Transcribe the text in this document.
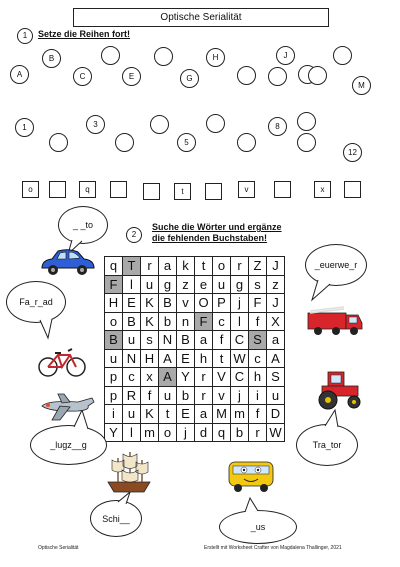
Optische Serialität
1	Setze die Reihen fort!
A
B
C	E	G
H	J
M
1	3
5
8
12
o	q	t	v	x
2
Suche die Wörter und ergänze
die fehlenden Buchstaben!
q T r a k t o r Z J
F l u g z e u g s z
H E K B v O P j F J
o B K b n F c	l	f X
B u s N B a f C S a
u N H A E h t W c A
p c x A Y r V C h S
p R f u b r v	j	i u
i u K t E a M m f D
Y l m o j d q b r W
_ _to
Fa_r_ad
_euerwe_r
_lugz__g	Tra_tor
Schi__
_us
Optische Serialität	Erstellt mit Worksheet Crafter von Magdalena Thallinger, 2021
